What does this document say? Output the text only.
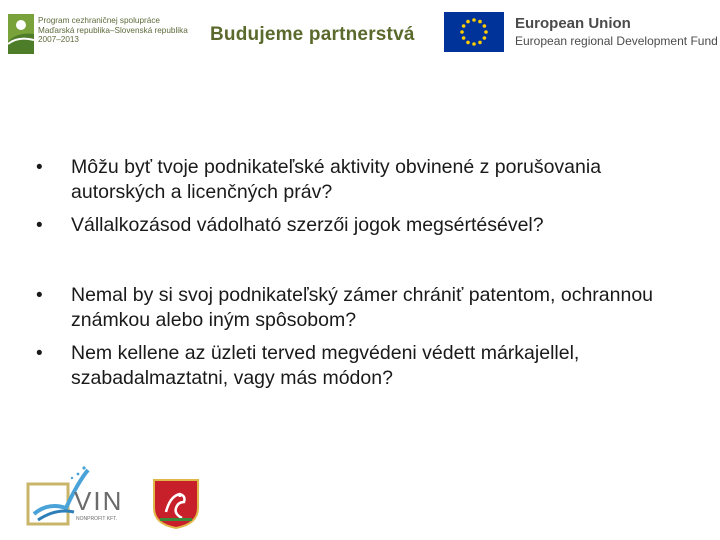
Program cezhraničnej spolupráce
Maďarská republika–Slovenská republika
2007–2013	Budujeme partnerstvá
European Union
European regional Development Fund
• Môžu byť tvoje podnikateľské aktivity obvinené z porušovania autorských a licenčných práv?
• Vállalkozásod vádolható szerzői jogok megsértésével?
• Nemal by si svoj podnikateľský zámer chrániť patentom, ochrannou známkou alebo iným spôsobom?
• Nem kellene az üzleti terved megvédeni védett márkajellel, szabadalmaztatni, vagy más módon?
VIN
NONPROFIT KFT.
